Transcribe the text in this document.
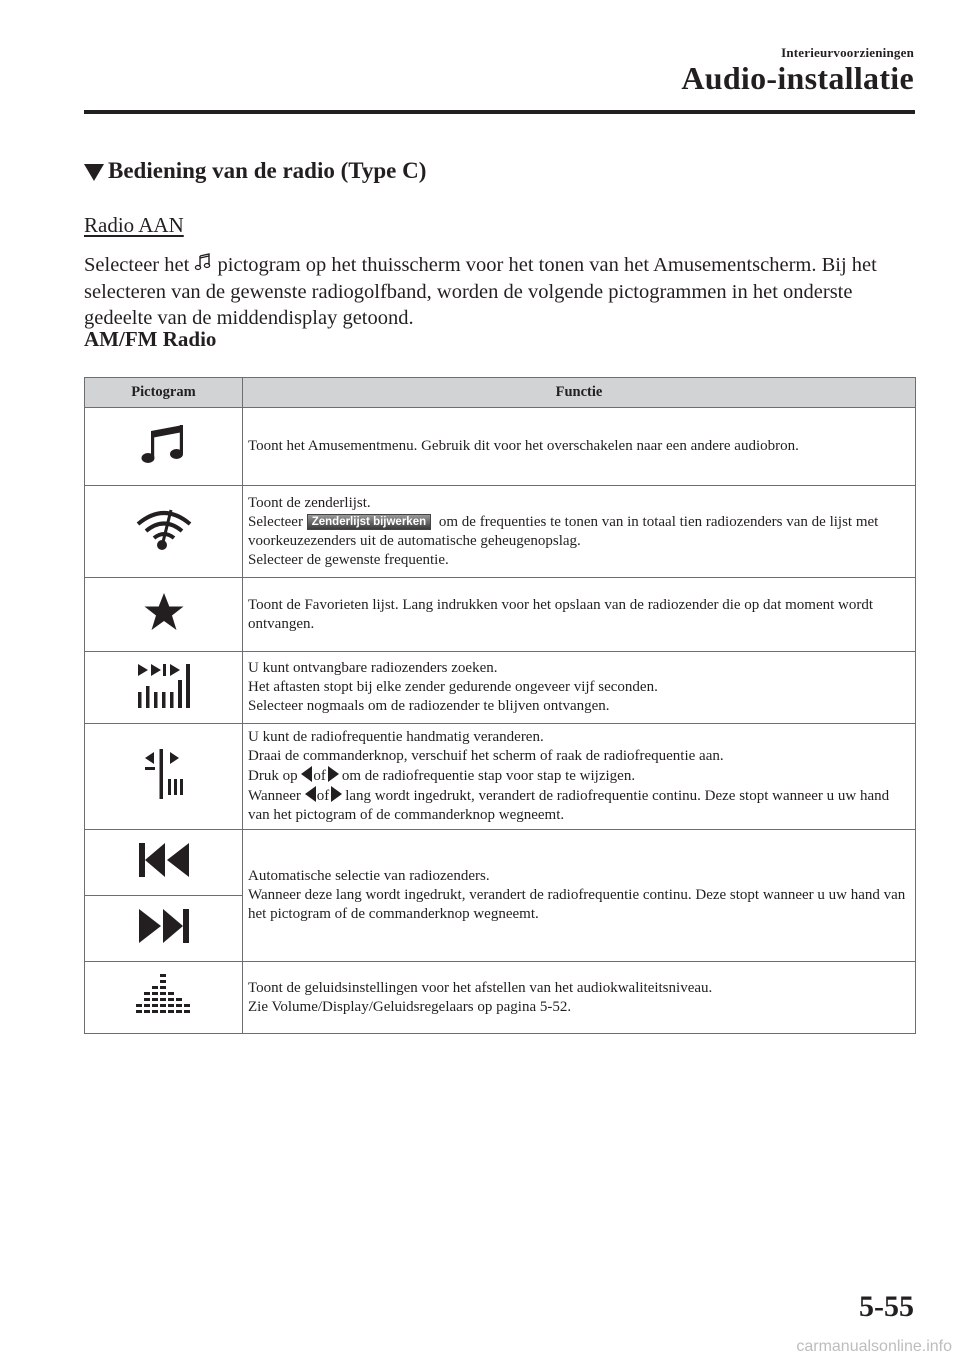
Interieurvoorzieningen
Audio-installatie
Bediening van de radio (Type C)
Radio AAN
Selecteer het  pictogram op het thuisscherm voor het tonen van het Amusementscherm. Bij het selecteren van de gewenste radiogolfband, worden de volgende pictogrammen in het onderste gedeelte van de middendisplay getoond.
AM/FM Radio
Pictogram	Functie
	Toont het Amusementmenu. Gebruik dit voor het overschakelen naar een andere audiobron.

Toont de zenderlijst.
Selecteer Zenderlijst bijwerken om de frequenties te tonen van in totaal tien radiozenders van de lijst met voorkeuzezenders uit de automatische geheugenopslag.
Selecteer de gewenste frequentie.

	Toont de Favorieten lijst. Lang indrukken voor het opslaan van de radiozender die op dat moment wordt ontvangen.

U kunt ontvangbare radiozenders zoeken.
Het aftasten stopt bij elke zender gedurende ongeveer vijf seconden.
Selecteer nogmaals om de radiozender te blijven ontvangen.

U kunt de radiofrequentie handmatig veranderen.
Draai de commanderknop, verschuif het scherm of raak de radiofrequentie aan.
Druk op of om de radiofrequentie stap voor stap te wijzigen.
Wanneer of lang wordt ingedrukt, verandert de radiofrequentie continu. Deze stopt wanneer u uw hand van het pictogram of de commanderknop wegneemt.

Automatische selectie van radiozenders.
Wanneer deze lang wordt ingedrukt, verandert de radiofrequentie continu. Deze stopt wanneer u uw hand van het pictogram of de commanderknop wegneemt.

Toont de geluidsinstellingen voor het afstellen van het audiokwaliteitsniveau.
Zie Volume/Display/Geluidsregelaars op pagina 5-52.
5-55
carmanualsonline.info
